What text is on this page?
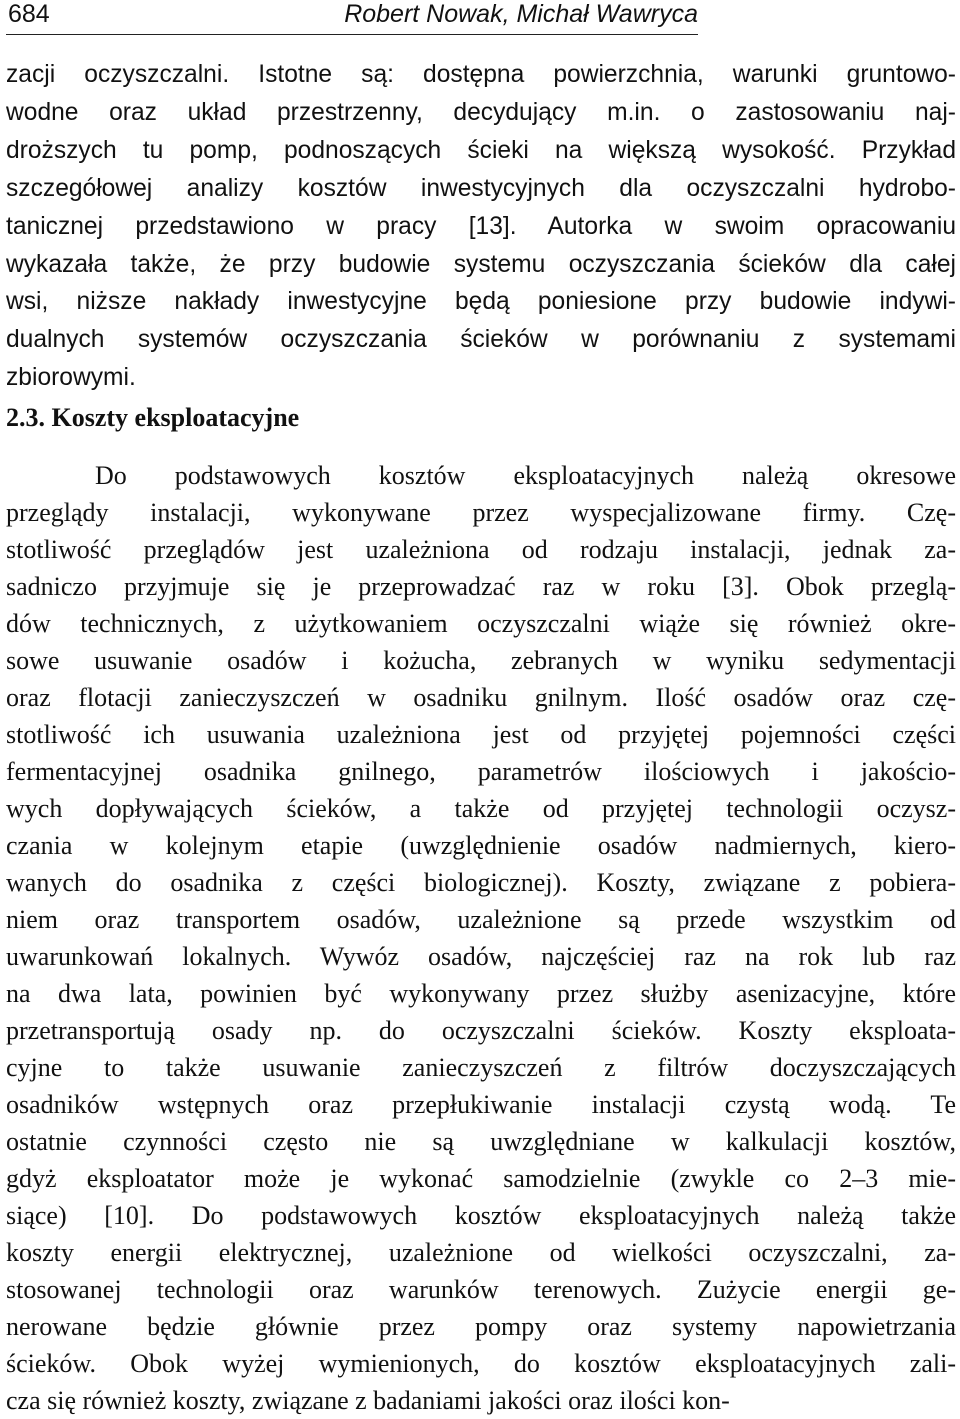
684	Robert Nowak, Michał Wawryca
zacji oczyszczalni. Istotne są: dostępna powierzchnia, warunki gruntowo-
wodne oraz układ przestrzenny, decydujący m.in. o zastosowaniu naj-
droższych tu pomp, podnoszących ścieki na większą wysokość. Przykład
szczegółowej analizy kosztów inwestycyjnych dla oczyszczalni hydrobo-
tanicznej przedstawiono w pracy [13]. Autorka w swoim opracowaniu
wykazała także, że przy budowie systemu oczyszczania ścieków dla całej
wsi, niższe nakłady inwestycyjne będą poniesione przy budowie indywi-
dualnych systemów oczyszczania ścieków w porównaniu z systemami
zbiorowymi.
2.3. Koszty eksploatacyjne
Do podstawowych kosztów eksploatacyjnych należą okresowe
przeglądy instalacji, wykonywane przez wyspecjalizowane firmy. Czę-
stotliwość przeglądów jest uzależniona od rodzaju instalacji, jednak za-
sadniczo przyjmuje się je przeprowadzać raz w roku [3]. Obok przeglą-
dów technicznych, z użytkowaniem oczyszczalni wiąże się również okre-
sowe usuwanie osadów i kożucha, zebranych w wyniku sedymentacji
oraz flotacji zanieczyszczeń w osadniku gnilnym. Ilość osadów oraz czę-
stotliwość ich usuwania uzależniona jest od przyjętej pojemności części
fermentacyjnej osadnika gnilnego, parametrów ilościowych i jakościo-
wych dopływających ścieków, a także od przyjętej technologii oczysz-
czania w kolejnym etapie (uwzględnienie osadów nadmiernych, kiero-
wanych do osadnika z części biologicznej). Koszty, związane z pobiera-
niem oraz transportem osadów, uzależnione są przede wszystkim od
uwarunkowań lokalnych. Wywóz osadów, najczęściej raz na rok lub raz
na dwa lata, powinien być wykonywany przez służby asenizacyjne, które
przetransportują osady np. do oczyszczalni ścieków. Koszty eksploata-
cyjne to także usuwanie zanieczyszczeń z filtrów doczyszczających
osadników wstępnych oraz przepłukiwanie instalacji czystą wodą. Te
ostatnie czynności często nie są uwzględniane w kalkulacji kosztów,
gdyż eksploatator może je wykonać samodzielnie (zwykle co 2–3 mie-
siące) [10]. Do podstawowych kosztów eksploatacyjnych należą także
koszty energii elektrycznej, uzależnione od wielkości oczyszczalni, za-
stosowanej technologii oraz warunków terenowych. Zużycie energii ge-
nerowane będzie głównie przez pompy oraz systemy napowietrzania
ścieków. Obok wyżej wymienionych, do kosztów eksploatacyjnych zali-
cza się również koszty, związane z badaniami jakości oraz ilości kon-
